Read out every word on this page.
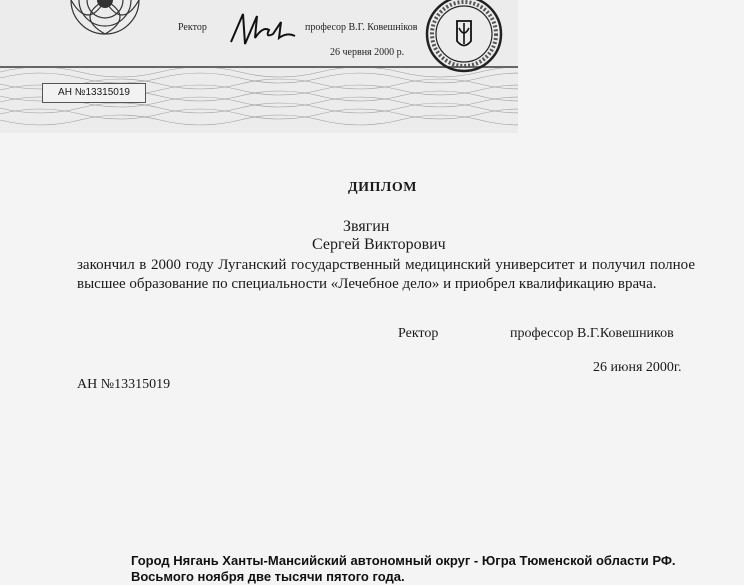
Ректор	професор В.Г. Ковешніков
26 червня 2000 р.
АН №13315019
ДИПЛОМ
Звягин
Сергей Викторович
закончил в 2000 году Луганский государственный медицинский университет и получил полное высшее образование по специальности «Лечебное дело» и приобрел квалификацию врача.
Ректор	профессор В.Г.Ковешников
26 июня 2000г.
АН №13315019
Город Нягань Ханты-Мансийский автономный округ - Югра Тюменской области РФ.
Восьмого ноября две тысячи пятого года.
